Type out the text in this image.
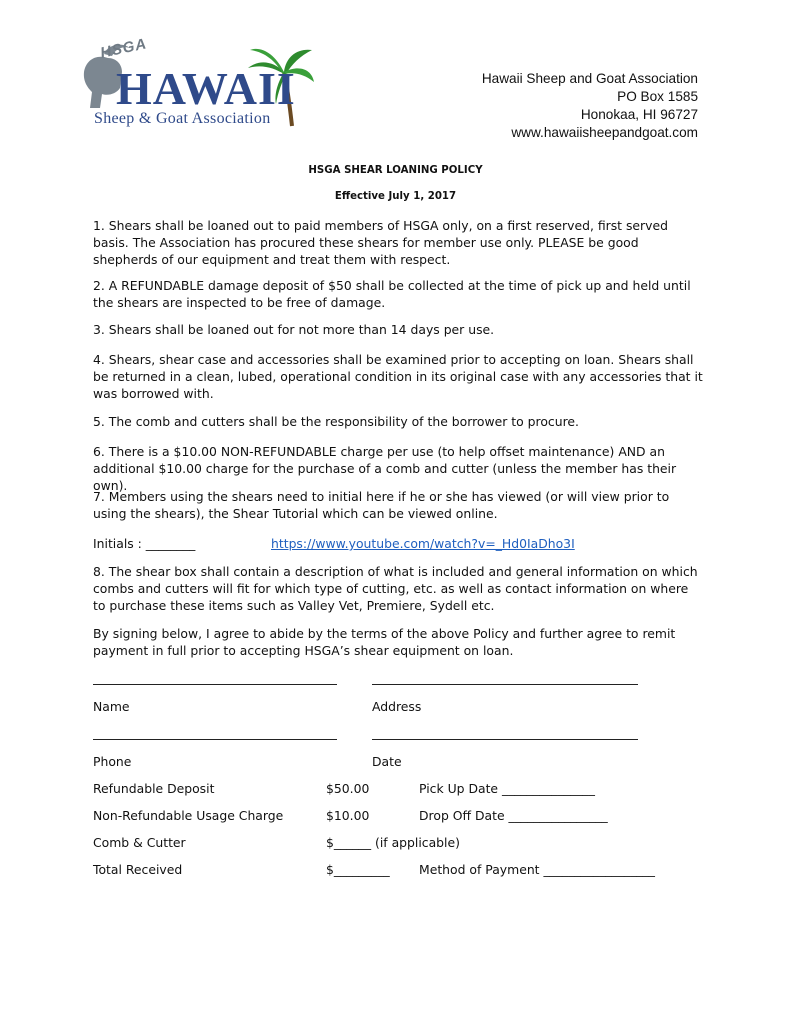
HSGA
HAWAII
Sheep & Goat Association
Hawaii Sheep and Goat Association
PO Box 1585
Honokaa, HI 96727
www.hawaiisheepandgoat.com
HSGA SHEAR LOANING POLICY
Effective July 1, 2017

1. Shears shall be loaned out to paid members of HSGA only, on a first reserved, first served basis. The Association has procured these shears for member use only. PLEASE be good shepherds of our equipment and treat them with respect.

2. A REFUNDABLE damage deposit of $50 shall be collected at the time of pick up and held until the shears are inspected to be free of damage.

3. Shears shall be loaned out for not more than 14 days per use.

4. Shears, shear case and accessories shall be examined prior to accepting on loan. Shears shall be returned in a clean, lubed, operational condition in its original case with any accessories that it was borrowed with.

5. The comb and cutters shall be the responsibility of the borrower to procure.

6. There is a $10.00 NON-REFUNDABLE charge per use (to help offset maintenance) AND an additional $10.00 charge for the purchase of a comb and cutter (unless the member has their own).

7. Members using the shears need to initial here if he or she has viewed (or will view prior to using the shears), the Shear Tutorial which can be viewed online.

Initials : ________	https://www.youtube.com/watch?v=_Hd0IaDho3I

8. The shear box shall contain a description of what is included and general information on which combs and cutters will fit for which type of cutting, etc. as well as contact information on where to purchase these items such as Valley Vet, Premiere, Sydell etc.

By signing below, I agree to abide by the terms of the above Policy and further agree to remit payment in full prior to accepting HSGA’s shear equipment on loan.

Name	Address
Phone	Date
Refundable Deposit	$50.00	Pick Up Date _______________
Non-Refundable Usage Charge	$10.00	Drop Off Date ________________
Comb & Cutter	$______ (if applicable)
Total Received	$_________ Method of Payment __________________
